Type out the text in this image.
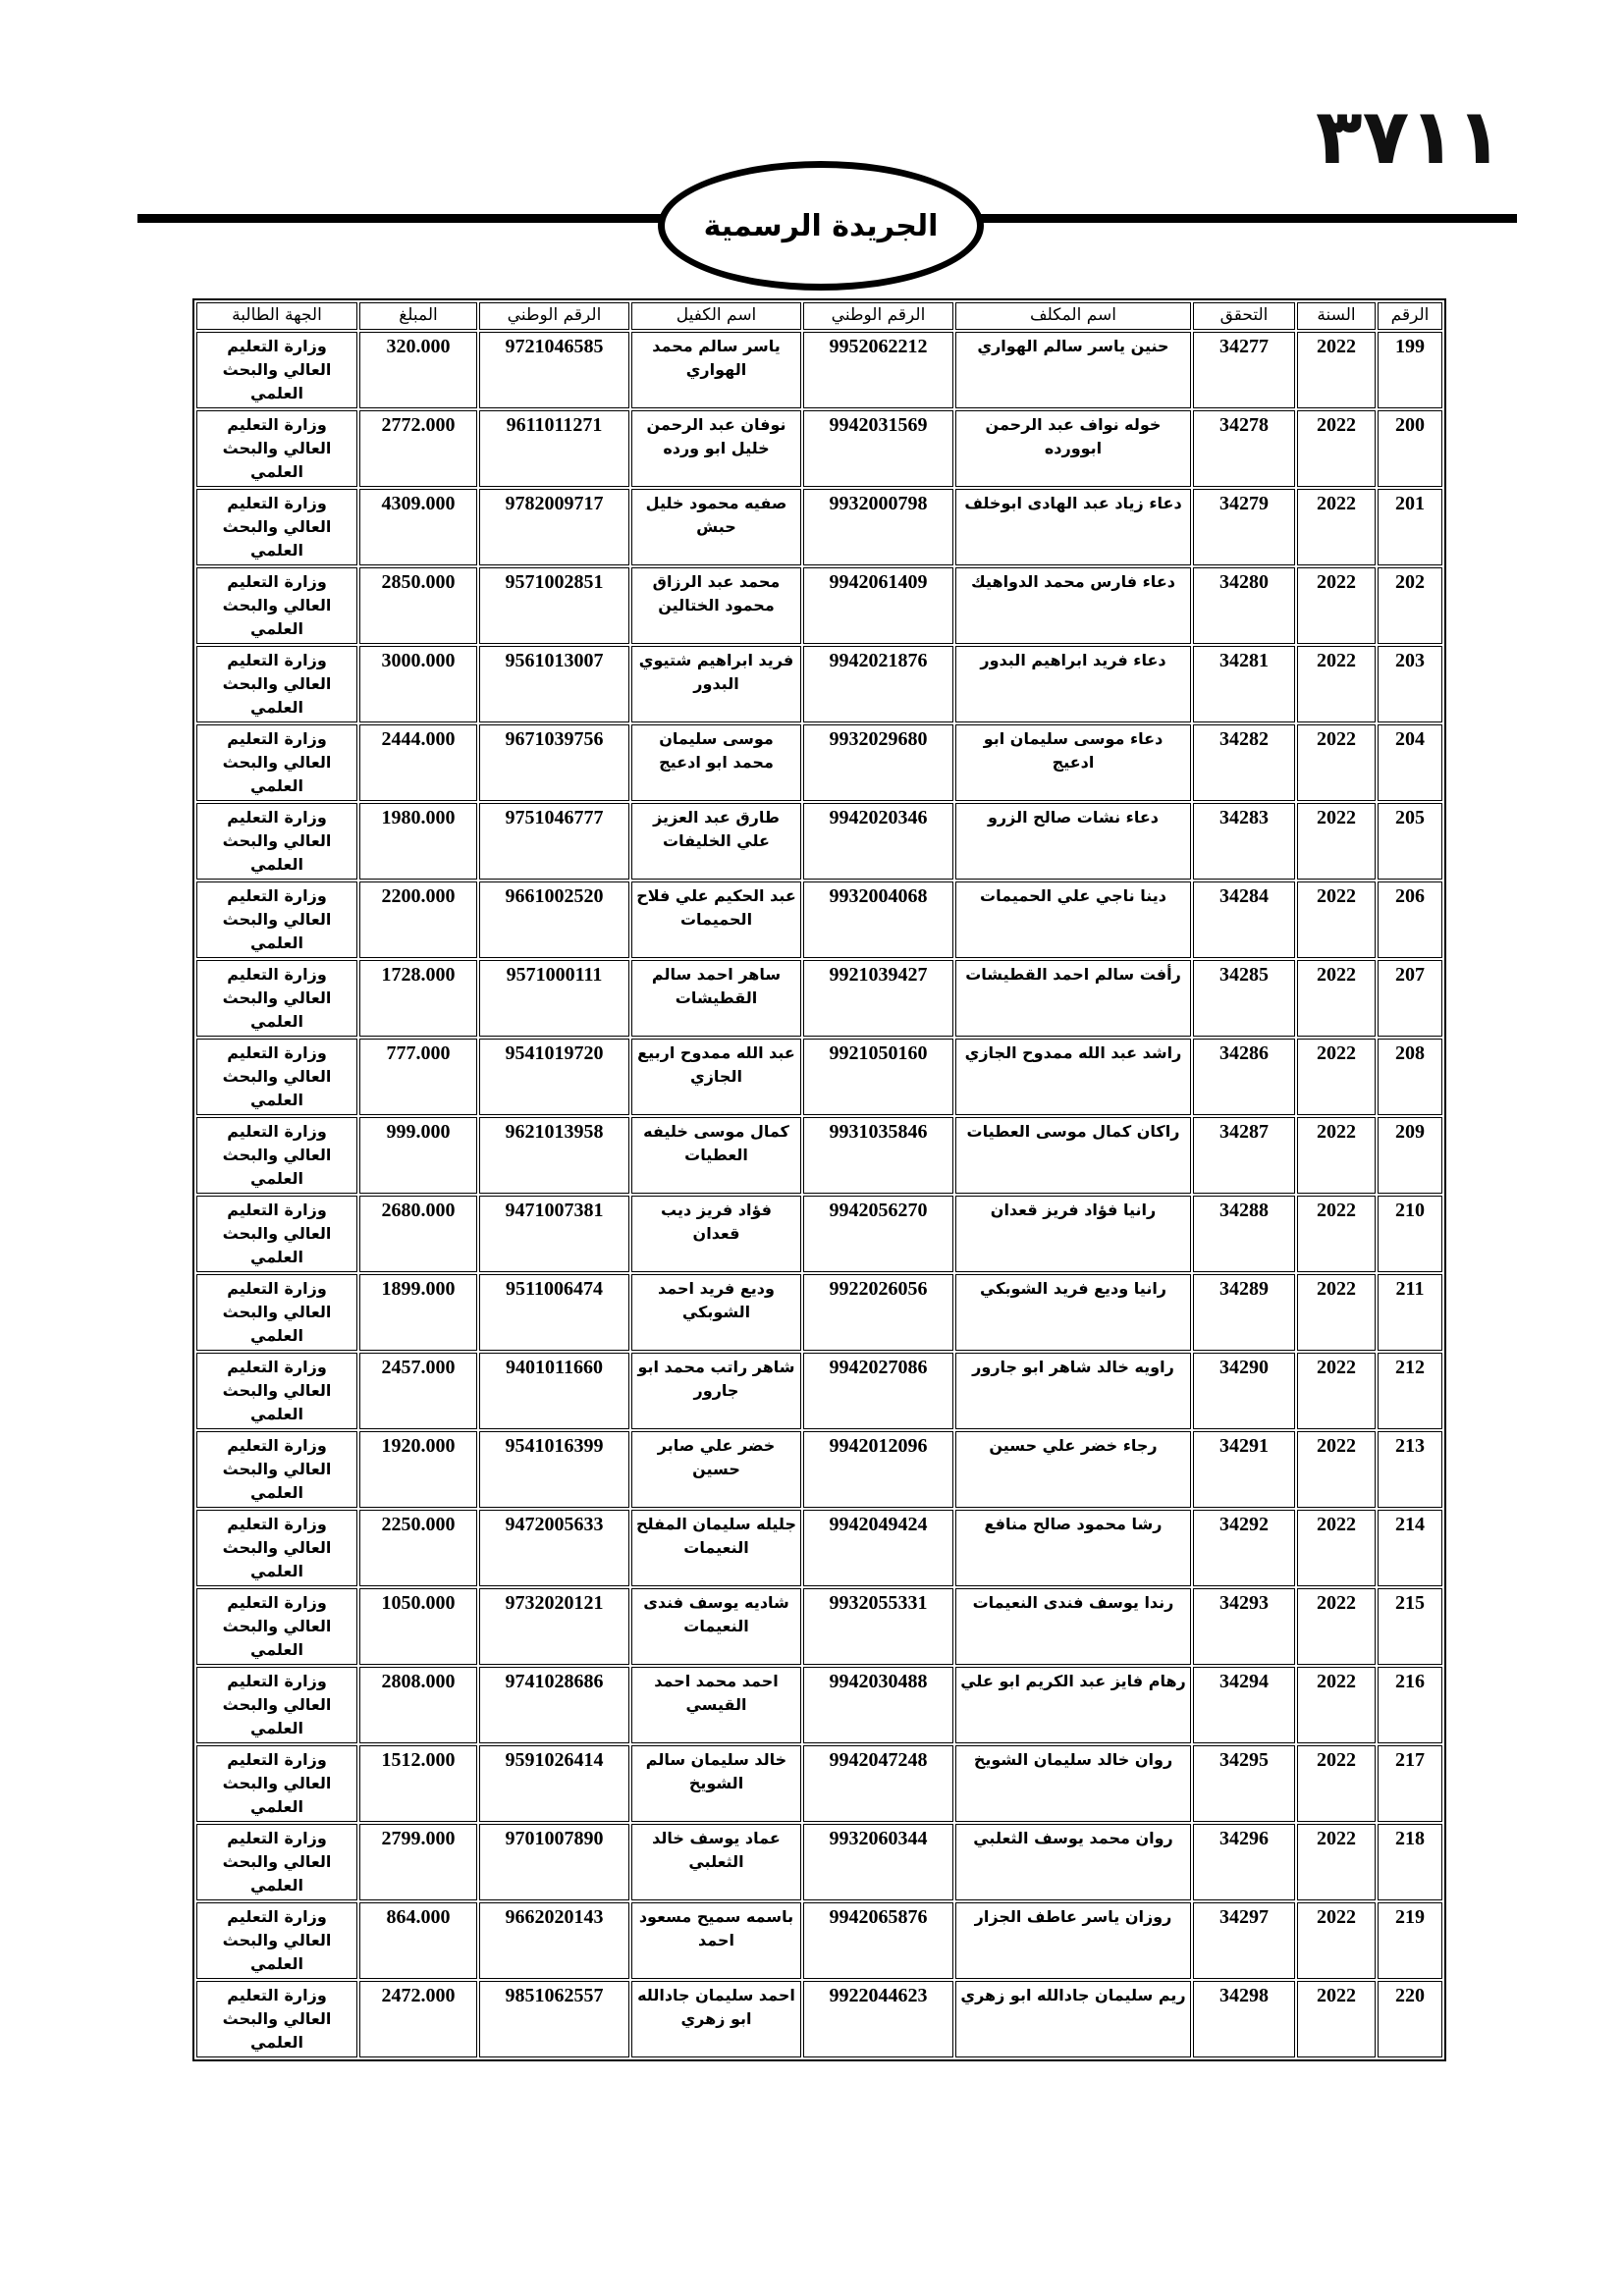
٣٧١١
الجريدة الرسمية
الرقم	السنة	التحقق	اسم المكلف	الرقم الوطني	اسم الكفيل	الرقم الوطني	المبلغ	الجهة الطالبة
199	2022	34277	حنين ياسر سالم الهواري	9952062212	ياسر سالم محمد الهواري	9721046585	320.000	وزارة التعليم العالي والبحث العلمي
200	2022	34278	خوله نواف عبد الرحمن ابوورده	9942031569	نوفان عبد الرحمن خليل ابو ورده	9611011271	2772.000	وزارة التعليم العالي والبحث العلمي
201	2022	34279	دعاء زياد عبد الهادى ابوخلف	9932000798	صفيه محمود خليل حبش	9782009717	4309.000	وزارة التعليم العالي والبحث العلمي
202	2022	34280	دعاء فارس محمد الدواهيك	9942061409	محمد عبد الرزاق محمود الختالين	9571002851	2850.000	وزارة التعليم العالي والبحث العلمي
203	2022	34281	دعاء فريد ابراهيم البدور	9942021876	فريد ابراهيم شتيوي البدور	9561013007	3000.000	وزارة التعليم العالي والبحث العلمي
204	2022	34282	دعاء موسى سليمان ابو ادعيج	9932029680	موسى سليمان محمد ابو ادعيج	9671039756	2444.000	وزارة التعليم العالي والبحث العلمي
205	2022	34283	دعاء نشات صالح الزرو	9942020346	طارق عبد العزيز علي الخليفات	9751046777	1980.000	وزارة التعليم العالي والبحث العلمي
206	2022	34284	دينا ناجي علي الحميمات	9932004068	عبد الحكيم علي فلاح الحميمات	9661002520	2200.000	وزارة التعليم العالي والبحث العلمي
207	2022	34285	رأفت سالم احمد القطيشات	9921039427	ساهر احمد سالم القطيشات	9571000111	1728.000	وزارة التعليم العالي والبحث العلمي
208	2022	34286	راشد عبد الله ممدوح الجازي	9921050160	عبد الله ممدوح اربيع الجازي	9541019720	777.000	وزارة التعليم العالي والبحث العلمي
209	2022	34287	راكان كمال موسى العطيات	9931035846	كمال موسى خليفه العطيات	9621013958	999.000	وزارة التعليم العالي والبحث العلمي
210	2022	34288	رانيا فؤاد فريز قعدان	9942056270	فؤاد فريز ديب قعدان	9471007381	2680.000	وزارة التعليم العالي والبحث العلمي
211	2022	34289	رانيا وديع فريد الشوبكي	9922026056	وديع فريد احمد الشوبكي	9511006474	1899.000	وزارة التعليم العالي والبحث العلمي
212	2022	34290	راويه خالد شاهر ابو جارور	9942027086	شاهر راتب محمد ابو جارور	9401011660	2457.000	وزارة التعليم العالي والبحث العلمي
213	2022	34291	رجاء خضر علي حسين	9942012096	خضر علي صابر حسين	9541016399	1920.000	وزارة التعليم العالي والبحث العلمي
214	2022	34292	رشا محمود صالح منافع	9942049424	جليله سليمان المفلح النعيمات	9472005633	2250.000	وزارة التعليم العالي والبحث العلمي
215	2022	34293	رندا يوسف فندى النعيمات	9932055331	شاديه يوسف فندى النعيمات	9732020121	1050.000	وزارة التعليم العالي والبحث العلمي
216	2022	34294	رهام فايز عبد الكريم ابو علي	9942030488	احمد محمد احمد القيسي	9741028686	2808.000	وزارة التعليم العالي والبحث العلمي
217	2022	34295	روان خالد سليمان الشويخ	9942047248	خالد سليمان سالم الشويخ	9591026414	1512.000	وزارة التعليم العالي والبحث العلمي
218	2022	34296	روان محمد يوسف الثعلبي	9932060344	عماد يوسف خالد الثعلبي	9701007890	2799.000	وزارة التعليم العالي والبحث العلمي
219	2022	34297	روزان ياسر عاطف الجزار	9942065876	باسمه سميح مسعود احمد	9662020143	864.000	وزارة التعليم العالي والبحث العلمي
220	2022	34298	ريم سليمان جادالله ابو زهري	9922044623	احمد سليمان جادالله ابو زهري	9851062557	2472.000	وزارة التعليم العالي والبحث العلمي
